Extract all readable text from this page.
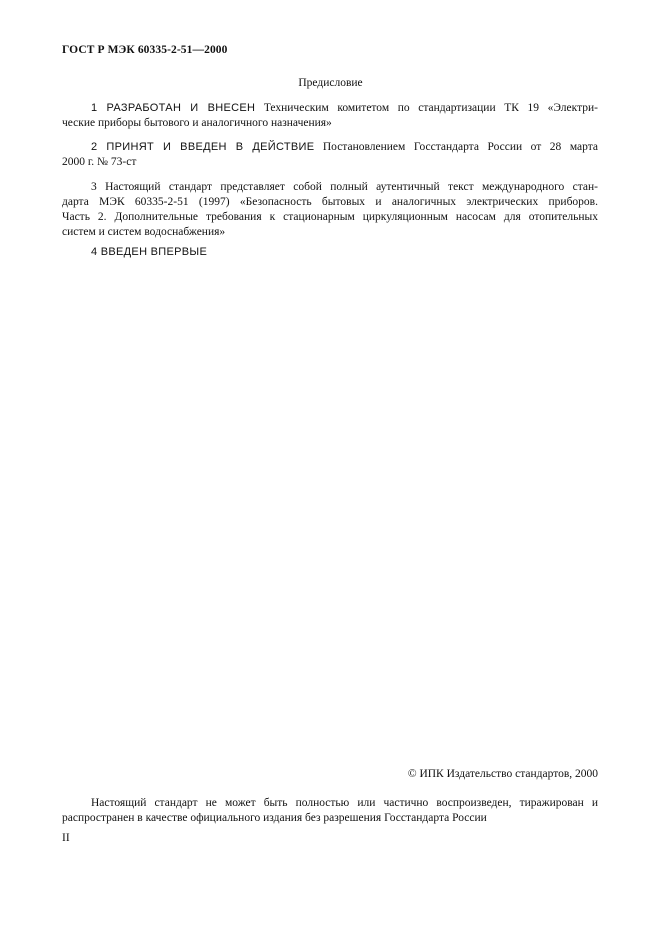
ГОСТ Р МЭК 60335-2-51—2000
Предисловие
1 РАЗРАБОТАН И ВНЕСЕН Техническим комитетом по стандартизации ТК 19 «Электри-
ческие приборы бытового и аналогичного назначения»
2 ПРИНЯТ И ВВЕДЕН В ДЕЙСТВИЕ Постановлением Госстандарта России от 28 марта
2000 г. № 73-ст
3 Настоящий стандарт представляет собой полный аутентичный текст международного стан-
дарта МЭК 60335-2-51 (1997) «Безопасность бытовых и аналогичных электрических приборов.
Часть 2. Дополнительные требования к стационарным циркуляционным насосам для отопительных
систем и систем водоснабжения»
4 ВВЕДЕН ВПЕРВЫЕ
© ИПК Издательство стандартов, 2000
Настоящий стандарт не может быть полностью или частично воспроизведен, тиражирован и
распространен в качестве официального издания без разрешения Госстандарта России
II
